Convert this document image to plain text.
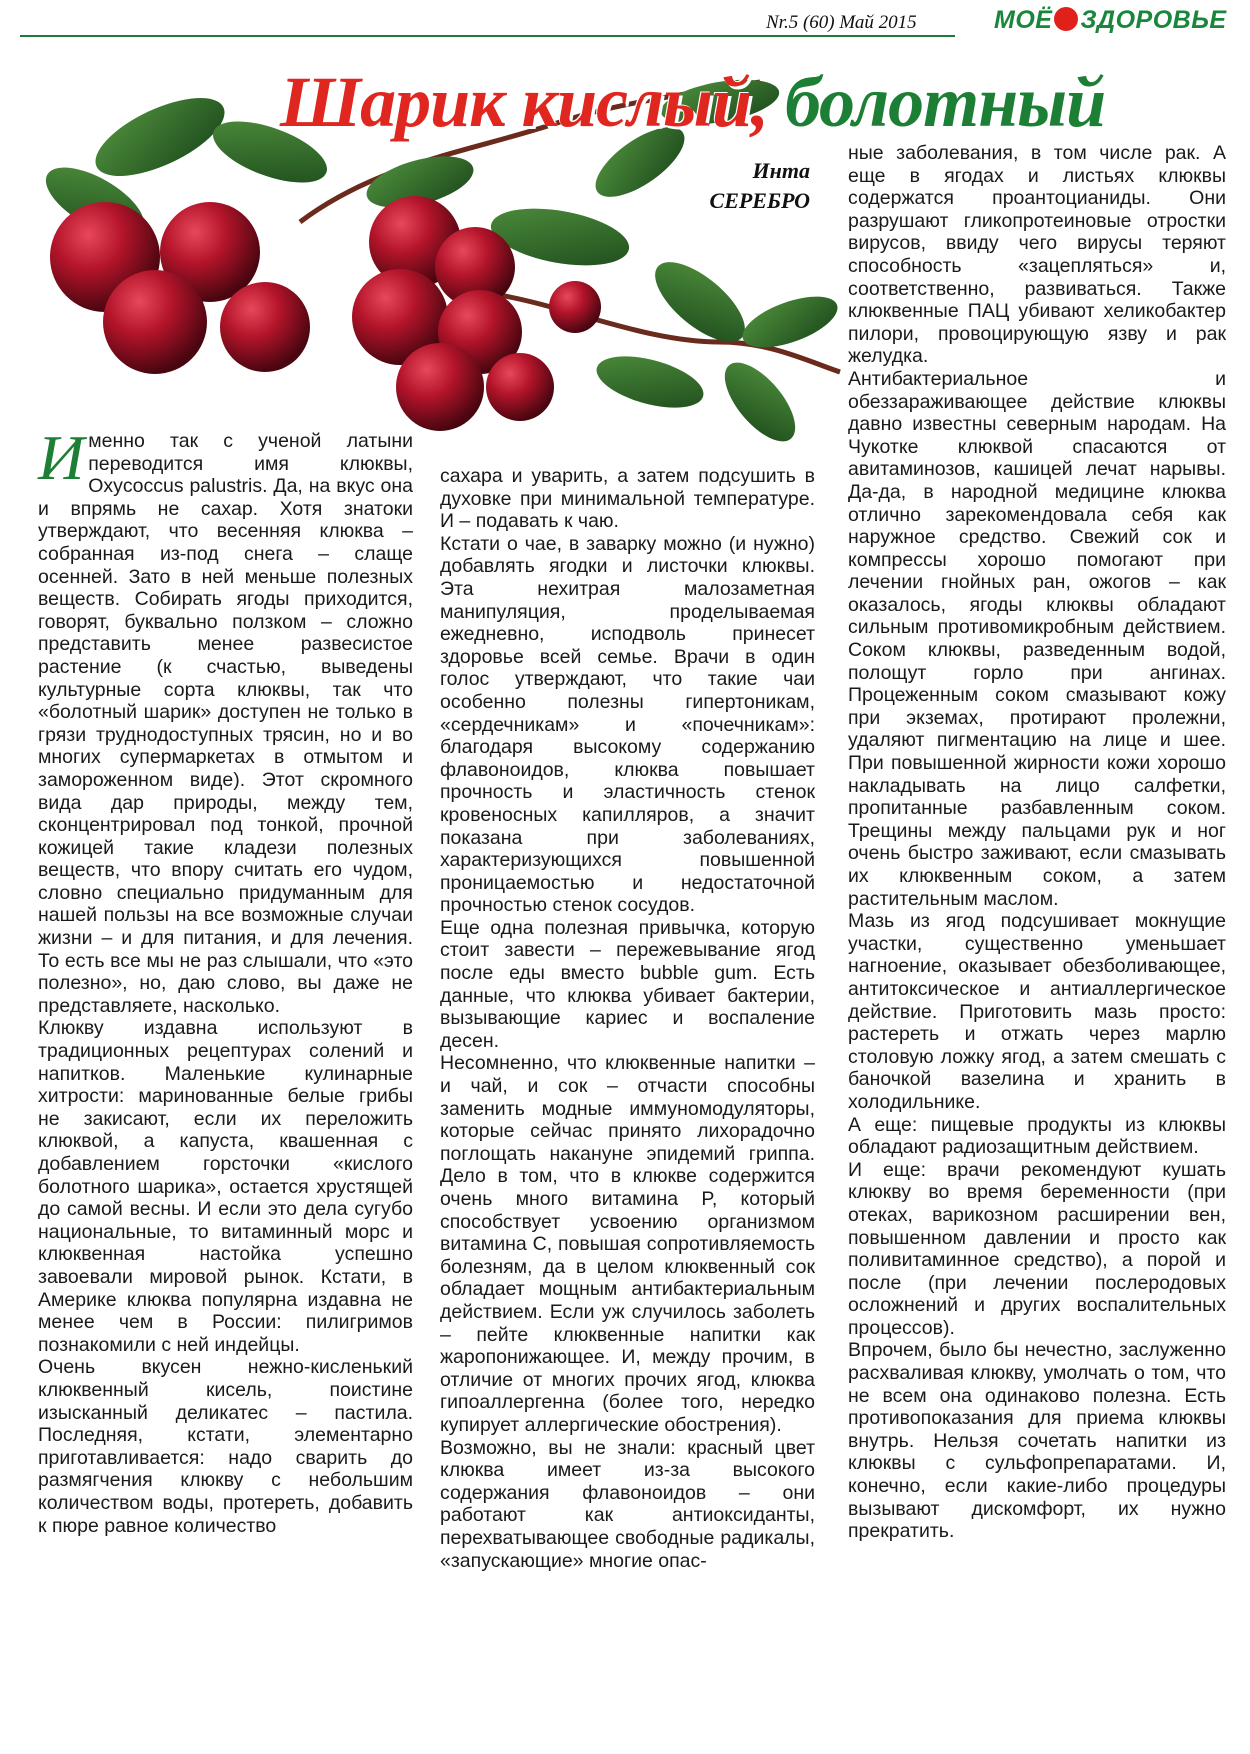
Nr.5 (60) Май 2015	МОЁ ЗДОРОВЬЕ
Шарик кислый, болотный
Инта
СЕРЕБРО

Именно так с ученой латыни переводится имя клюквы, Oxycoccus palustris. Да, на вкус она и впрямь не сахар. Хотя знатоки утверждают, что весенняя клюква – собранная из-под снега – слаще осенней. Зато в ней меньше полезных веществ. Собирать ягоды приходится, говорят, буквально ползком – сложно представить менее развесистое растение (к счастью, выведены культурные сорта клюквы, так что «болотный шарик» доступен не только в грязи труднодоступных трясин, но и во многих супермаркетах в отмытом и замороженном виде). Этот скромного вида дар природы, между тем, сконцентрировал под тонкой, прочной кожицей такие кладези полезных веществ, что впору считать его чудом, словно специально придуманным для нашей пользы на все возможные случаи жизни – и для питания, и для лечения. То есть все мы не раз слышали, что «это полезно», но, даю слово, вы даже не представляете, насколько.

Клюкву издавна используют в традиционных рецептурах солений и напитков. Маленькие кулинарные хитрости: маринованные белые грибы не закисают, если их переложить клюквой, а капуста, квашенная с добавлением горсточки «кислого болотного шарика», остается хрустящей до самой весны. И если это дела сугубо национальные, то витаминный морс и клюквенная настойка успешно завоевали мировой рынок. Кстати, в Америке клюква популярна издавна не менее чем в России: пилигримов познакомили с ней индейцы.

Очень вкусен нежно-кисленький клюквенный кисель, поистине изысканный деликатес – пастила. Последняя, кстати, элементарно приготавливается: надо сварить до размягчения клюкву с небольшим количеством воды, протереть, добавить к пюре равное количество

сахара и уварить, а затем подсушить в духовке при минимальной температуре. И – подавать к чаю.

Кстати о чае, в заварку можно (и нужно) добавлять ягодки и листочки клюквы. Эта нехитрая малозаметная манипуляция, проделываемая ежедневно, исподволь принесет здоровье всей семье. Врачи в один голос утверждают, что такие чаи особенно полезны гипертоникам, «сердечникам» и «почечникам»: благодаря высокому содержанию флавоноидов, клюква повышает прочность и эластичность стенок кровеносных капилляров, а значит показана при заболеваниях, характеризующихся повышенной проницаемостью и недостаточной прочностью стенок сосудов.

Еще одна полезная привычка, которую стоит завести – пережевывание ягод после еды вместо bubble gum. Есть данные, что клюква убивает бактерии, вызывающие кариес и воспаление десен.

Несомненно, что клюквенные напитки – и чай, и сок – отчасти способны заменить модные иммуномодуляторы, которые сейчас принято лихорадочно поглощать накануне эпидемий гриппа. Дело в том, что в клюкве содержится очень много витамина P, который способствует усвоению организмом витамина C, повышая сопротивляемость болезням, да в целом клюквенный сок обладает мощным антибактериальным действием. Если уж случилось заболеть – пейте клюквенные напитки как жаропонижающее. И, между прочим, в отличие от многих прочих ягод, клюква гипоаллергенна (более того, нередко купирует аллергические обострения).

Возможно, вы не знали: красный цвет клюква имеет из-за высокого содержания флавоноидов – они работают как антиоксиданты, перехватывающее свободные радикалы, «запускающие» многие опас-

ные заболевания, в том числе рак. А еще в ягодах и листьях клюквы содержатся проантоцианиды. Они разрушают гликопротеиновые отростки вирусов, ввиду чего вирусы теряют способность «зацепляться» и, соответственно, развиваться. Также клюквенные ПАЦ убивают хеликобактер пилори, провоцирующую язву и рак желудка.

Антибактериальное и обеззараживающее действие клюквы давно известны северным народам. На Чукотке клюквой спасаются от авитаминозов, кашицей лечат нарывы. Да-да, в народной медицине клюква отлично зарекомендовала себя как наружное средство. Свежий сок и компрессы хорошо помогают при лечении гнойных ран, ожогов – как оказалось, ягоды клюквы обладают сильным противомикробным действием. Соком клюквы, разведенным водой, полощут горло при ангинах. Процеженным соком смазывают кожу при экземах, протирают пролежни, удаляют пигментацию на лице и шее. При повышенной жирности кожи хорошо накладывать на лицо салфетки, пропитанные разбавленным соком. Трещины между пальцами рук и ног очень быстро заживают, если смазывать их клюквенным соком, а затем растительным маслом.

Мазь из ягод подсушивает мокнущие участки, существенно уменьшает нагноение, оказывает обезболивающее, антитоксическое и антиаллергическое действие. Приготовить мазь просто: растереть и отжать через марлю столовую ложку ягод, а затем смешать с баночкой вазелина и хранить в холодильнике.

А еще: пищевые продукты из клюквы обладают радиозащитным действием.

И еще: врачи рекомендуют кушать клюкву во время беременности (при отеках, варикозном расширении вен, повышенном давлении и просто как поливитаминное средство), а порой и после (при лечении послеродовых осложнений и других воспалительных процессов).

Впрочем, было бы нечестно, заслуженно расхваливая клюкву, умолчать о том, что не всем она одинаково полезна. Есть противопоказания для приема клюквы внутрь. Нельзя сочетать напитки из клюквы с сульфопрепаратами. И, конечно, если какие-либо процедуры вызывают дискомфорт, их нужно прекратить.
